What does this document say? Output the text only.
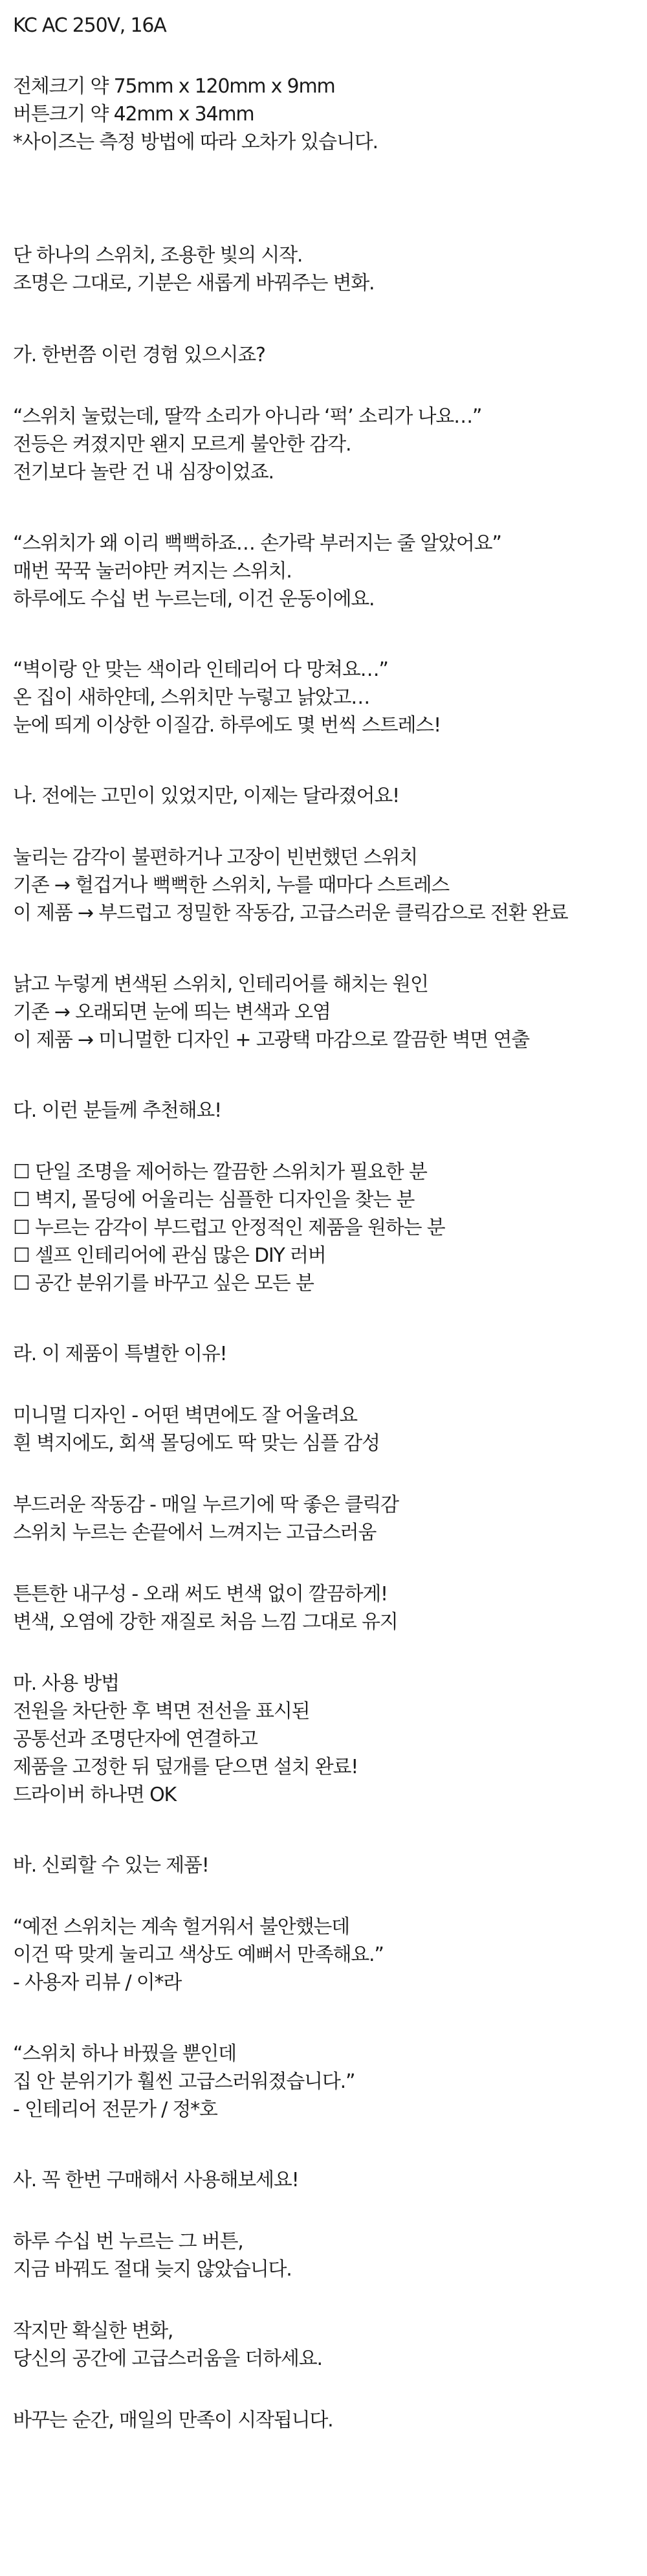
KC AC 250V, 16A

전체크기 약 75mm x 120mm x 9mm
버튼크기 약 42mm x 34mm
*사이즈는 측정 방법에 따라 오차가 있습니다.

단 하나의 스위치, 조용한 빛의 시작.
조명은 그대로, 기분은 새롭게 바꿔주는 변화.

가. 한번쯤 이런 경험 있으시죠?

“스위치 눌렀는데, 딸깍 소리가 아니라 ‘퍽’ 소리가 나요…”
전등은 켜졌지만 왠지 모르게 불안한 감각.
전기보다 놀란 건 내 심장이었죠.

“스위치가 왜 이리 뻑뻑하죠… 손가락 부러지는 줄 알았어요”
매번 꾹꾹 눌러야만 켜지는 스위치.
하루에도 수십 번 누르는데, 이건 운동이에요.

“벽이랑 안 맞는 색이라 인테리어 다 망쳐요…”
온 집이 새하얀데, 스위치만 누렇고 낡았고…
눈에 띄게 이상한 이질감. 하루에도 몇 번씩 스트레스!

나. 전에는 고민이 있었지만, 이제는 달라졌어요!

눌리는 감각이 불편하거나 고장이 빈번했던 스위치
기존 → 헐겁거나 뻑뻑한 스위치, 누를 때마다 스트레스
이 제품 → 부드럽고 정밀한 작동감, 고급스러운 클릭감으로 전환 완료

낡고 누렇게 변색된 스위치, 인테리어를 해치는 원인
기존 → 오래되면 눈에 띄는 변색과 오염
이 제품 → 미니멀한 디자인 + 고광택 마감으로 깔끔한 벽면 연출

다. 이런 분들께 추천해요!

☐ 단일 조명을 제어하는 깔끔한 스위치가 필요한 분
☐ 벽지, 몰딩에 어울리는 심플한 디자인을 찾는 분
☐ 누르는 감각이 부드럽고 안정적인 제품을 원하는 분
☐ 셀프 인테리어에 관심 많은 DIY 러버
☐ 공간 분위기를 바꾸고 싶은 모든 분

라. 이 제품이 특별한 이유!

미니멀 디자인 - 어떤 벽면에도 잘 어울려요
흰 벽지에도, 회색 몰딩에도 딱 맞는 심플 감성

부드러운 작동감 - 매일 누르기에 딱 좋은 클릭감
스위치 누르는 손끝에서 느껴지는 고급스러움

튼튼한 내구성 - 오래 써도 변색 없이 깔끔하게!
변색, 오염에 강한 재질로 처음 느낌 그대로 유지

마. 사용 방법
전원을 차단한 후 벽면 전선을 표시된
공통선과 조명단자에 연결하고
제품을 고정한 뒤 덮개를 닫으면 설치 완료!
드라이버 하나면 OK

바. 신뢰할 수 있는 제품!

“예전 스위치는 계속 헐거워서 불안했는데
이건 딱 맞게 눌리고 색상도 예뻐서 만족해요.”
- 사용자 리뷰 / 이*라

“스위치 하나 바꿨을 뿐인데
집 안 분위기가 훨씬 고급스러워졌습니다.”
- 인테리어 전문가 / 정*호

사. 꼭 한번 구매해서 사용해보세요!

하루 수십 번 누르는 그 버튼,
지금 바꿔도 절대 늦지 않았습니다.

작지만 확실한 변화,
당신의 공간에 고급스러움을 더하세요.

바꾸는 순간, 매일의 만족이 시작됩니다.
